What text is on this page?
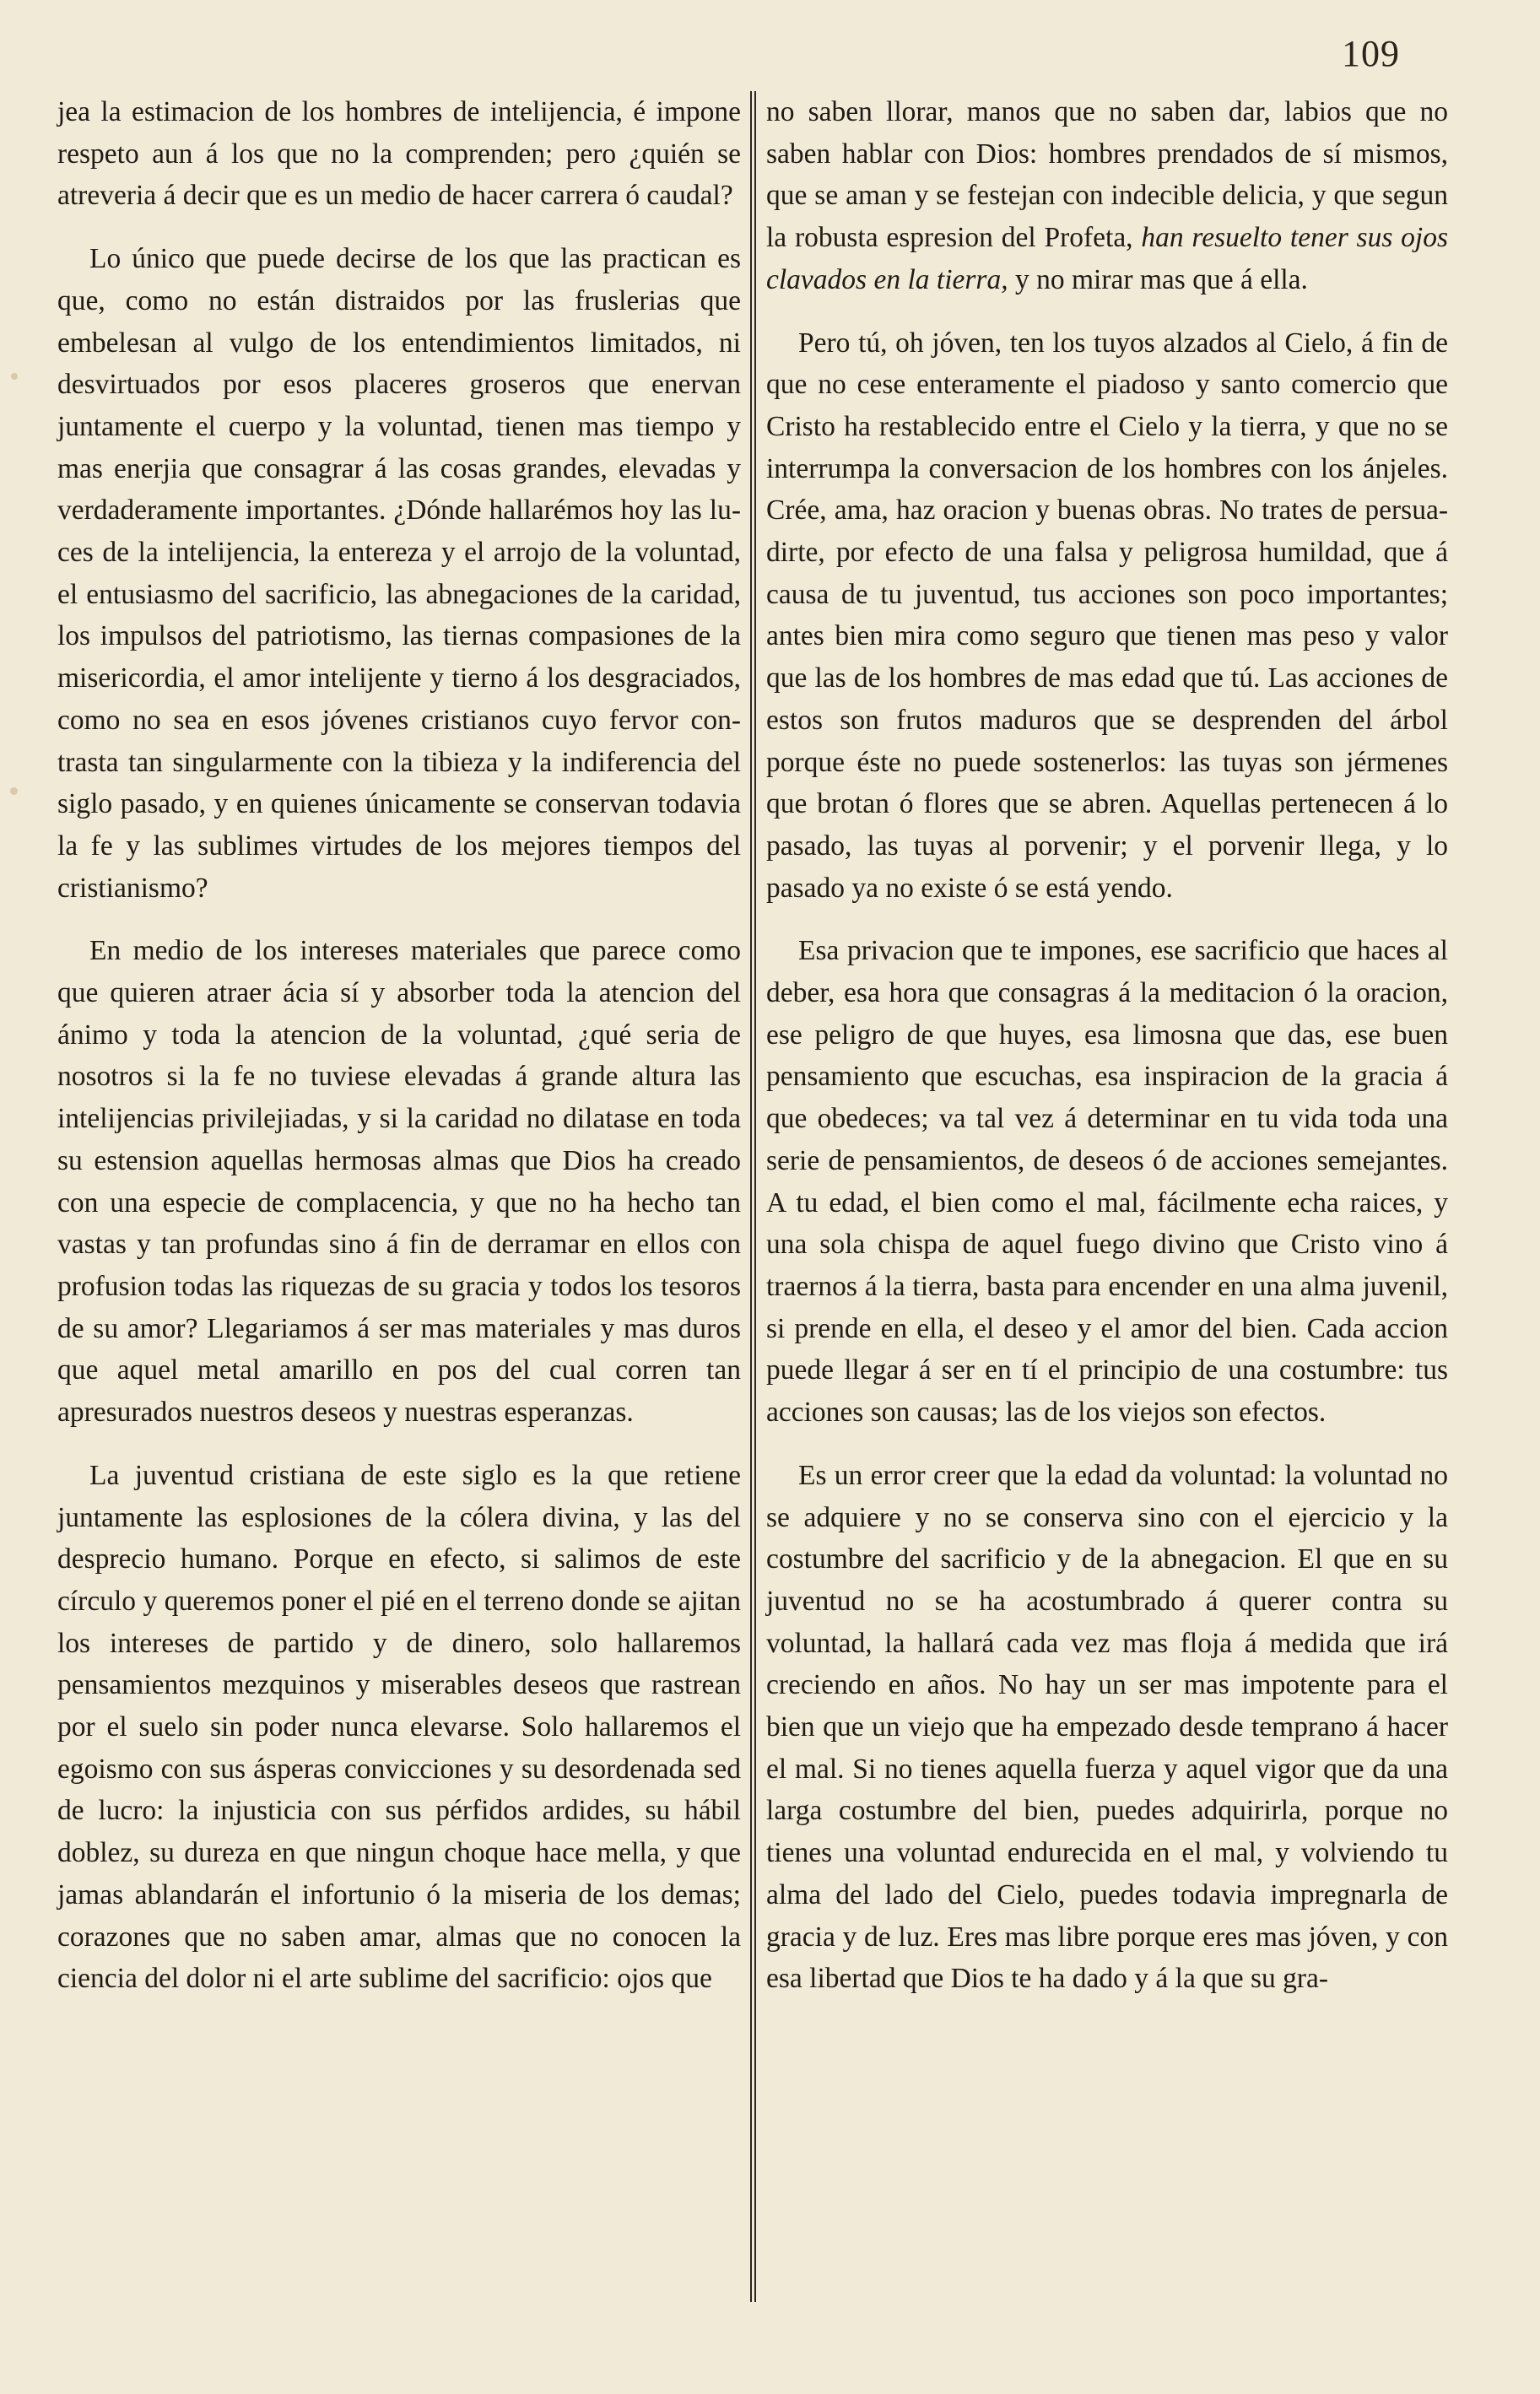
109

jea la estimacion de los hombres de intelijencia, é impone respeto aun á los que no la comprenden; pero ¿quién se atreveria á decir que es un medio de hacer carrera ó caudal?

Lo único que puede decirse de los que las practican es que, como no están distraidos por las fruslerias que embelesan al vulgo de los entendimientos limitados, ni desvirtuados por esos placeres groseros que enervan juntamente el cuerpo y la voluntad, tienen mas tiempo y mas enerjia que consagrar á las cosas grandes, elevadas y verdaderamente importantes. ¿Dónde hallarémos hoy las luces de la intelijencia, la entereza y el arrojo de la voluntad, el entusiasmo del sacrificio, las abnegaciones de la caridad, los impulsos del patriotismo, las tiernas compasiones de la misericordia, el amor intelijente y tierno á los desgraciados, como no sea en esos jóvenes cristianos cuyo fervor contrasta tan singularmente con la tibieza y la indiferencia del siglo pasado, y en quienes únicamente se conservan todavia la fe y las sublimes virtudes de los mejores tiempos del cristianismo?

En medio de los intereses materiales que parece como que quieren atraer ácia sí y absorber toda la atencion del ánimo y toda la atencion de la voluntad, ¿qué seria de nosotros si la fe no tuviese elevadas á grande altura las intelijencias privilejiadas, y si la caridad no dilatase en toda su estension aquellas hermosas almas que Dios ha creado con una especie de complacencia, y que no ha hecho tan vastas y tan profundas sino á fin de derramar en ellos con profusion todas las riquezas de su gracia y todos los tesoros de su amor? Llegariamos á ser mas materiales y mas duros que aquel metal amarillo en pos del cual corren tan apresurados nuestros deseos y nuestras esperanzas.

La juventud cristiana de este siglo es la que retiene juntamente las esplosiones de la cólera divina, y las del desprecio humano. Porque en efecto, si salimos de este círculo y queremos poner el pié en el terreno donde se ajitan los intereses de partido y de dinero, solo hallaremos pensamientos mezquinos y miserables deseos que rastrean por el suelo sin poder nunca elevarse. Solo hallaremos el egoismo con sus ásperas convicciones y su desordenada sed de lucro: la injusticia con sus pérfidos ardides, su hábil doblez, su dureza en que ningun choque hace mella, y que jamas ablandarán el infortunio ó la miseria de los demas; corazones que no saben amar, almas que no conocen la ciencia del dolor ni el arte sublime del sacrificio: ojos que

no saben llorar, manos que no saben dar, labios que no saben hablar con Dios: hombres prendados de sí mismos, que se aman y se festejan con indecible delicia, y que segun la robusta espresion del Profeta, han resuelto tener sus ojos clavados en la tierra, y no mirar mas que á ella.

Pero tú, oh jóven, ten los tuyos alzados al Cielo, á fin de que no cese enteramente el piadoso y santo comercio que Cristo ha restablecido entre el Cielo y la tierra, y que no se interrumpa la conversacion de los hombres con los ánjeles. Crée, ama, haz oracion y buenas obras. No trates de persuadirte, por efecto de una falsa y peligrosa humildad, que á causa de tu juventud, tus acciones son poco importantes; antes bien mira como seguro que tienen mas peso y valor que las de los hombres de mas edad que tú. Las acciones de estos son frutos maduros que se desprenden del árbol porque éste no puede sostenerlos: las tuyas son jérmenes que brotan ó flores que se abren. Aquellas pertenecen á lo pasado, las tuyas al porvenir; y el porvenir llega, y lo pasado ya no existe ó se está yendo.

Esa privacion que te impones, ese sacrificio que haces al deber, esa hora que consagras á la meditacion ó la oracion, ese peligro de que huyes, esa limosna que das, ese buen pensamiento que escuchas, esa inspiracion de la gracia á que obedeces; va tal vez á determinar en tu vida toda una serie de pensamientos, de deseos ó de acciones semejantes. A tu edad, el bien como el mal, fácilmente echa raices, y una sola chispa de aquel fuego divino que Cristo vino á traernos á la tierra, basta para encender en una alma juvenil, si prende en ella, el deseo y el amor del bien. Cada accion puede llegar á ser en tí el principio de una costumbre: tus acciones son causas; las de los viejos son efectos.

Es un error creer que la edad da voluntad: la voluntad no se adquiere y no se conserva sino con el ejercicio y la costumbre del sacrificio y de la abnegacion. El que en su juventud no se ha acostumbrado á querer contra su voluntad, la hallará cada vez mas floja á medida que irá creciendo en años. No hay un ser mas impotente para el bien que un viejo que ha empezado desde temprano á hacer el mal. Si no tienes aquella fuerza y aquel vigor que da una larga costumbre del bien, puedes adquirirla, porque no tienes una voluntad endurecida en el mal, y volviendo tu alma del lado del Cielo, puedes todavia impregnarla de gracia y de luz. Eres mas libre porque eres mas jóven, y con esa libertad que Dios te ha dado y á la que su gra-
